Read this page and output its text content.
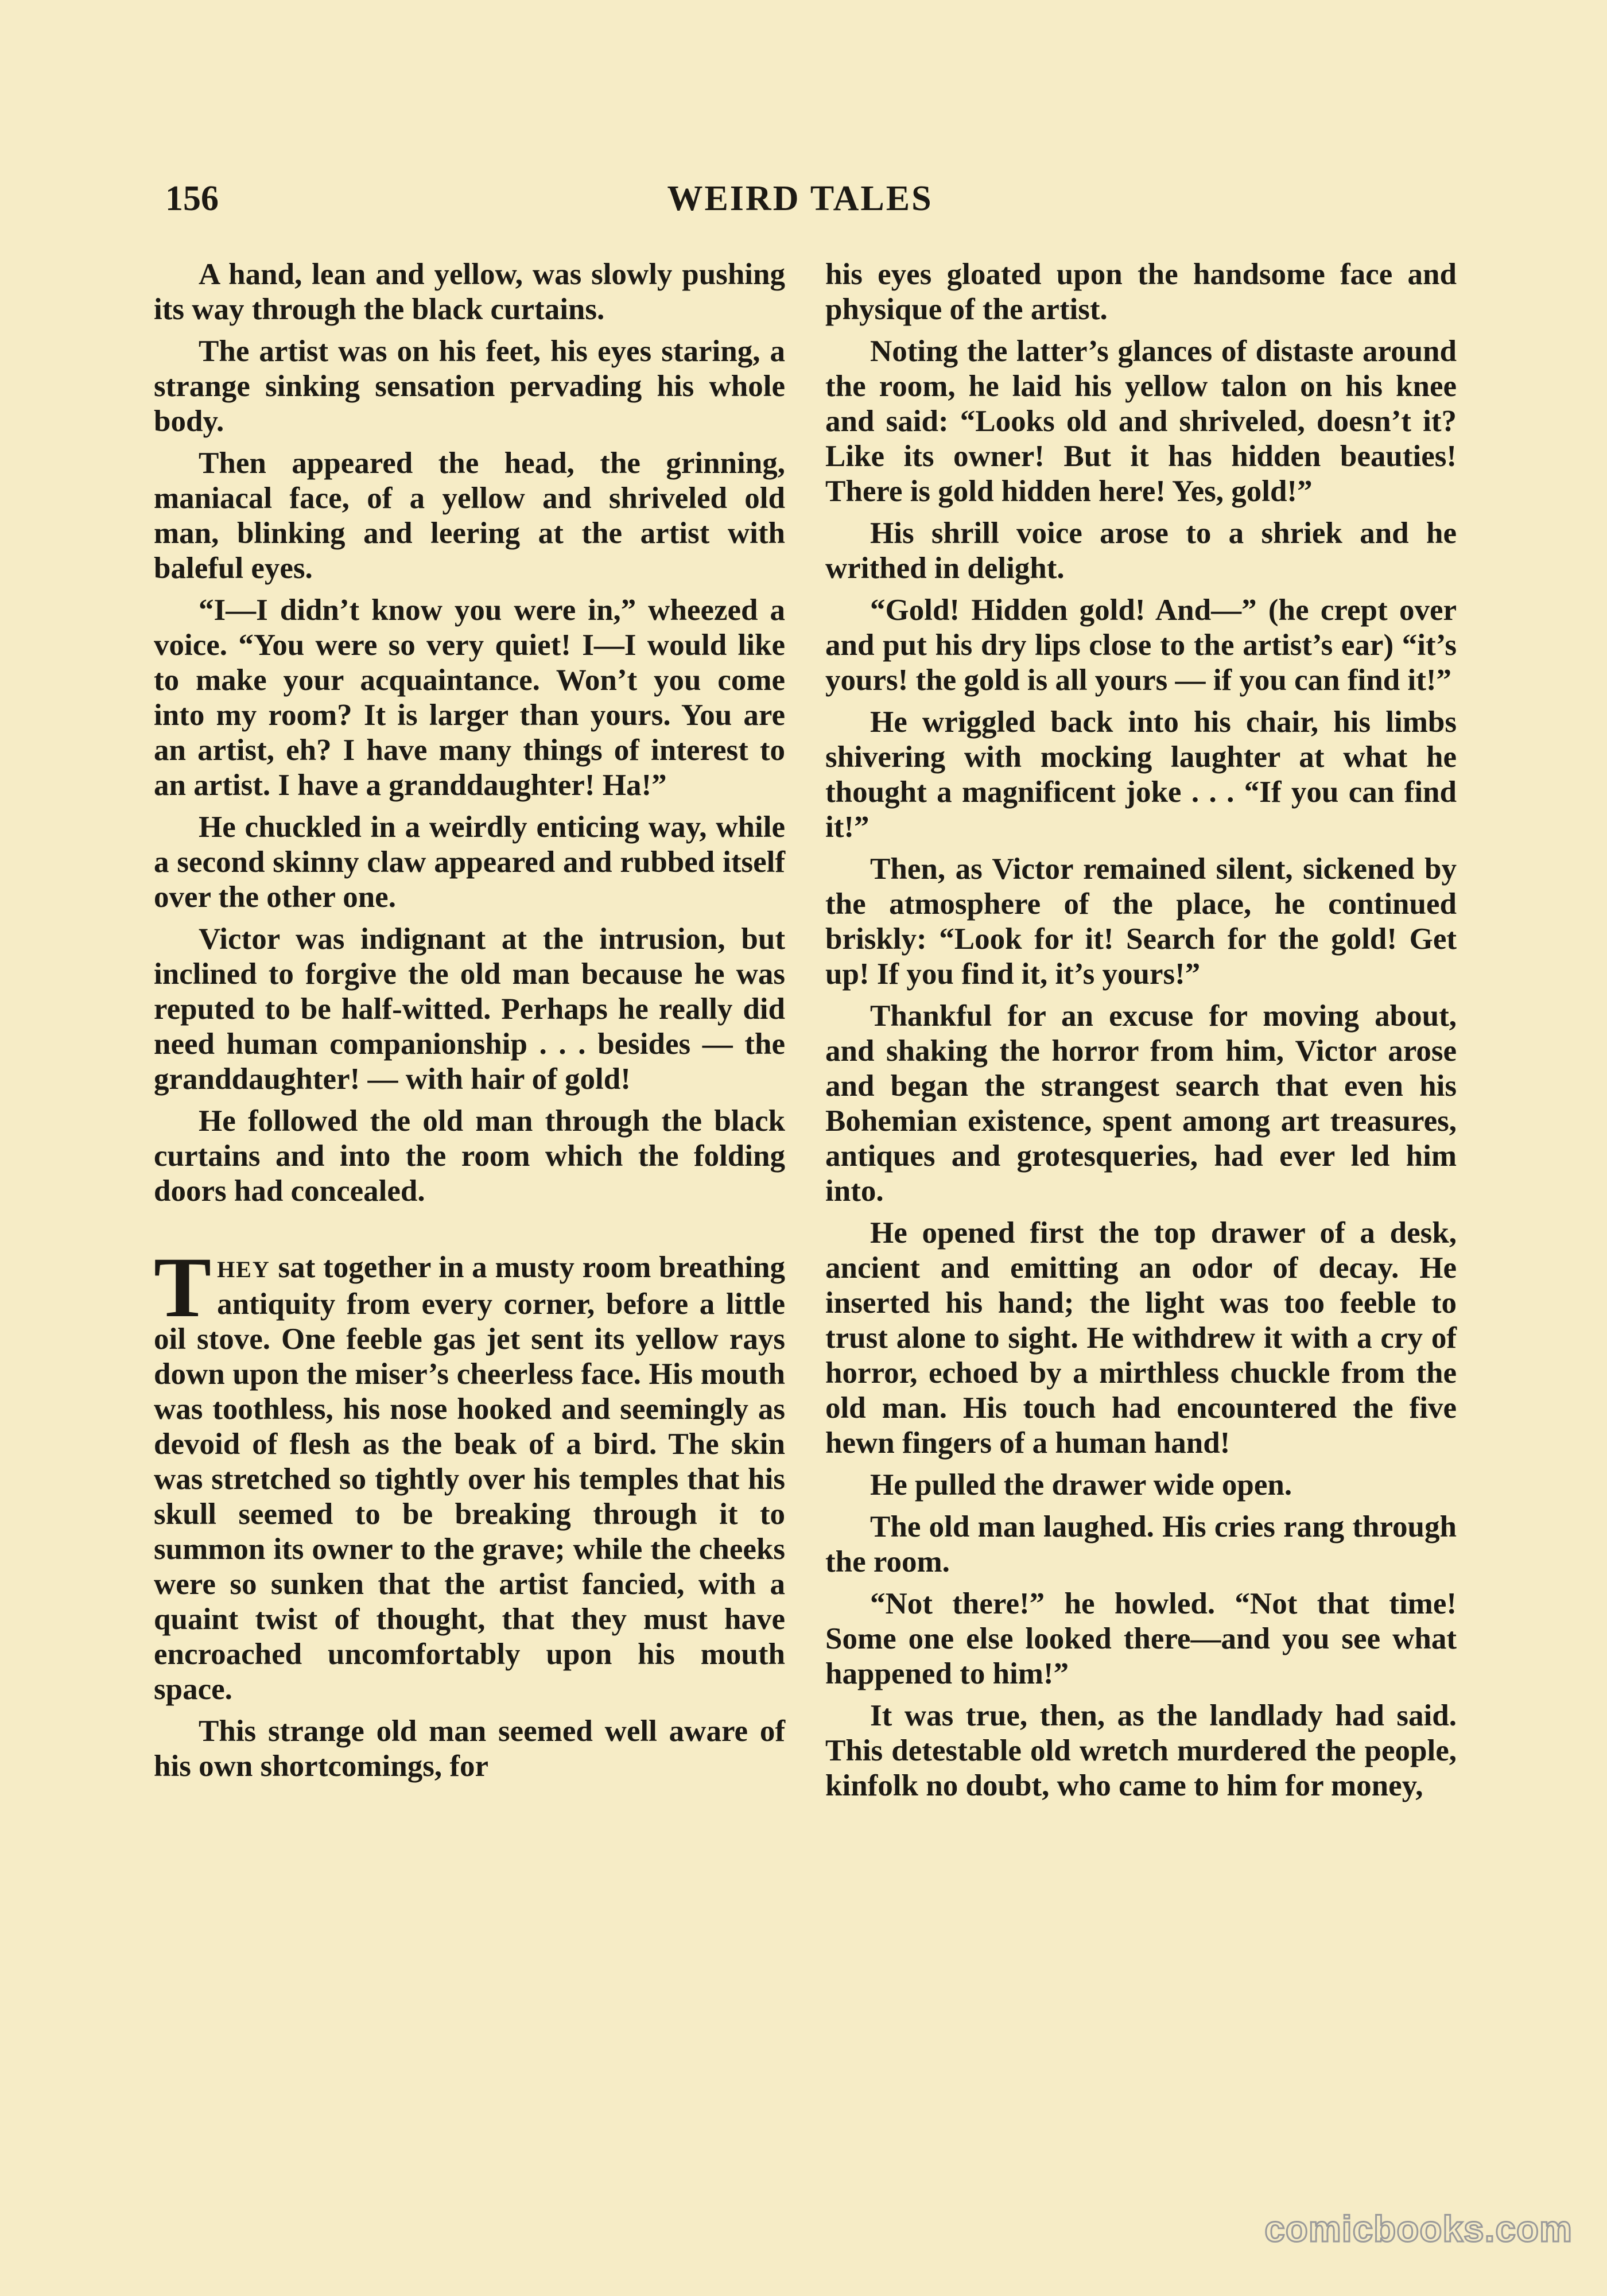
156	WEIRD TALES

A hand, lean and yellow, was slowly pushing its way through the black curtains.

The artist was on his feet, his eyes staring, a strange sinking sensation pervading his whole body.

Then appeared the head, the grinning, maniacal face, of a yellow and shriveled old man, blinking and leering at the artist with baleful eyes.

“I—I didn’t know you were in,” wheezed a voice. “You were so very quiet! I—I would like to make your acquaintance. Won’t you come into my room? It is larger than yours. You are an artist, eh? I have many things of interest to an artist. I have a granddaughter! Ha!”

He chuckled in a weirdly enticing way, while a second skinny claw appeared and rubbed itself over the other one.

Victor was indignant at the intrusion, but inclined to forgive the old man because he was reputed to be half-witted. Perhaps he really did need human companionship . . . besides — the granddaughter! — with hair of gold!

He followed the old man through the black curtains and into the room which the folding doors had concealed.

THEY sat together in a musty room breathing antiquity from every corner, before a little oil stove. One feeble gas jet sent its yellow rays down upon the miser’s cheerless face. His mouth was toothless, his nose hooked and seemingly as devoid of flesh as the beak of a bird. The skin was stretched so tightly over his temples that his skull seemed to be breaking through it to summon its owner to the grave; while the cheeks were so sunken that the artist fancied, with a quaint twist of thought, that they must have encroached uncomfortably upon his mouth space.

This strange old man seemed well aware of his own shortcomings, for

his eyes gloated upon the handsome face and physique of the artist.

Noting the latter’s glances of distaste around the room, he laid his yellow talon on his knee and said: “Looks old and shriveled, doesn’t it? Like its owner! But it has hidden beauties! There is gold hidden here! Yes, gold!”

His shrill voice arose to a shriek and he writhed in delight.

“Gold! Hidden gold! And—” (he crept over and put his dry lips close to the artist’s ear) “it’s yours! the gold is all yours — if you can find it!”

He wriggled back into his chair, his limbs shivering with mocking laughter at what he thought a magnificent joke . . . “If you can find it!”

Then, as Victor remained silent, sickened by the atmosphere of the place, he continued briskly: “Look for it! Search for the gold! Get up! If you find it, it’s yours!”

Thankful for an excuse for moving about, and shaking the horror from him, Victor arose and began the strangest search that even his Bohemian existence, spent among art treasures, antiques and grotesqueries, had ever led him into.

He opened first the top drawer of a desk, ancient and emitting an odor of decay. He inserted his hand; the light was too feeble to trust alone to sight. He withdrew it with a cry of horror, echoed by a mirthless chuckle from the old man. His touch had encountered the five hewn fingers of a human hand!

He pulled the drawer wide open.

The old man laughed. His cries rang through the room.

“Not there!” he howled. “Not that time! Some one else looked there—and you see what happened to him!”

It was true, then, as the landlady had said. This detestable old wretch murdered the people, kinfolk no doubt, who came to him for money,

comicbooks.com
